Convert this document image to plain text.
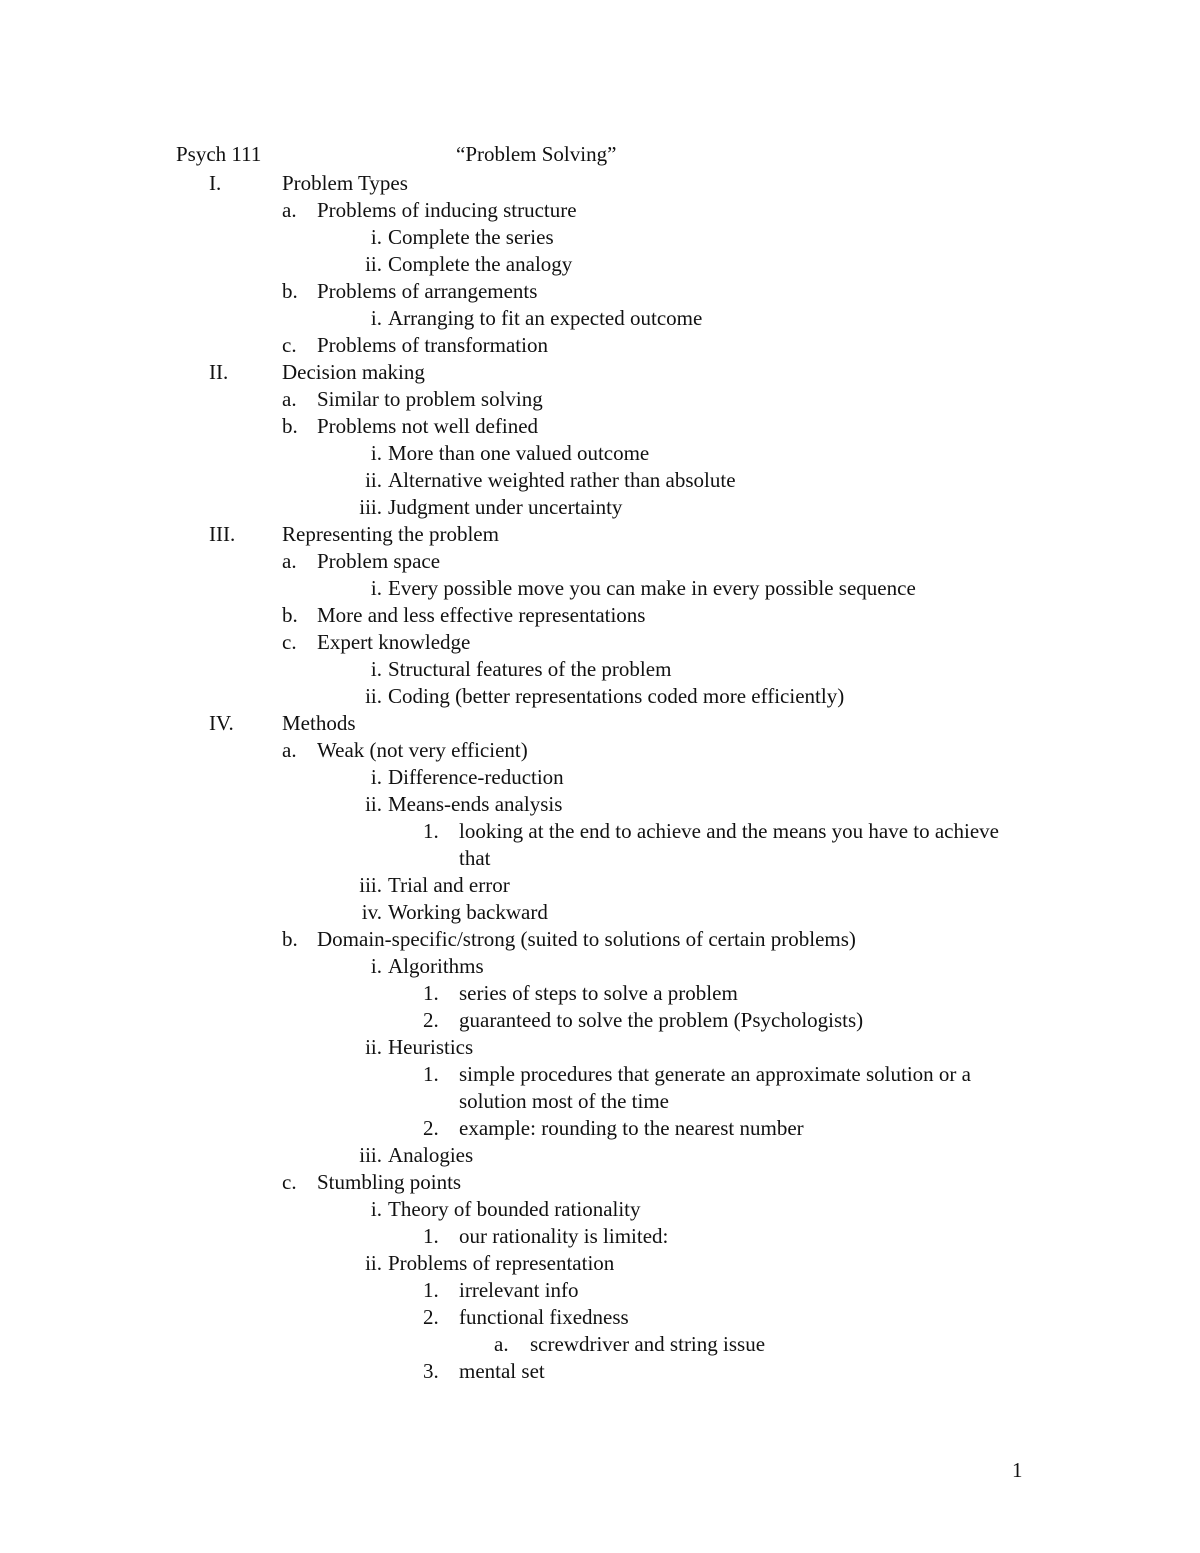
Psych 111	“Problem Solving”
I.	Problem Types
a. Problems of inducing structure
i. Complete the series
ii. Complete the analogy
b. Problems of arrangements
i. Arranging to fit an expected outcome
c. Problems of transformation
II.	Decision making
a. Similar to problem solving
b. Problems not well defined
i. More than one valued outcome
ii. Alternative weighted rather than absolute
iii. Judgment under uncertainty
III. Representing the problem
a. Problem space
i. Every possible move you can make in every possible sequence
b. More and less effective representations
c. Expert knowledge
i. Structural features of the problem
ii. Coding (better representations coded more efficiently)
IV. Methods
a. Weak (not very efficient)
i. Difference-reduction
ii. Means-ends analysis
1. looking at the end to achieve and the means you have to achieve that
iii. Trial and error
iv. Working backward
b. Domain-specific/strong (suited to solutions of certain problems)
i. Algorithms
1. series of steps to solve a problem
2. guaranteed to solve the problem (Psychologists)
ii. Heuristics
1. simple procedures that generate an approximate solution or a solution most of the time
2. example: rounding to the nearest number
iii. Analogies
c. Stumbling points
i. Theory of bounded rationality
1. our rationality is limited:
ii. Problems of representation
1. irrelevant info
2. functional fixedness
a. screwdriver and string issue
3. mental set
1
